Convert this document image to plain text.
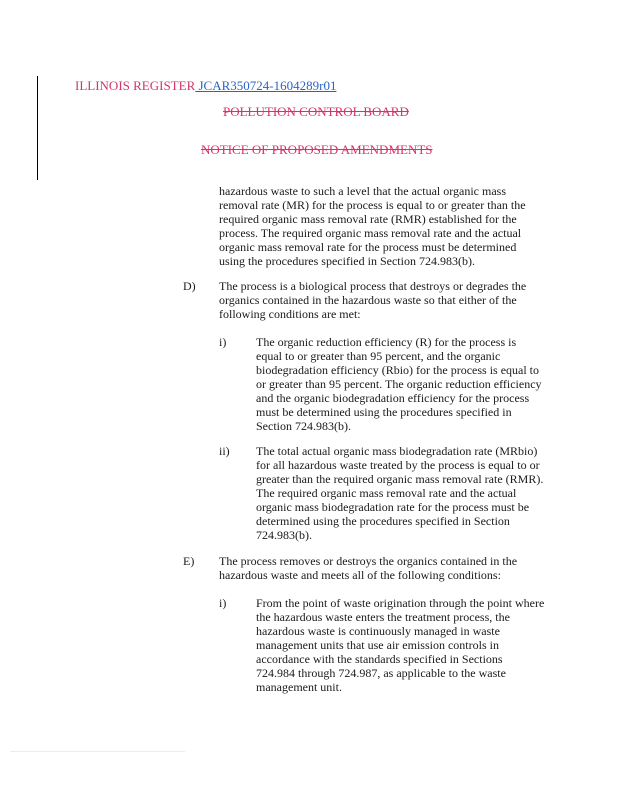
ILLINOIS REGISTER JCAR350724-1604289r01
POLLUTION CONTROL BOARD
NOTICE OF PROPOSED AMENDMENTS
hazardous waste to such a level that the actual organic mass
removal rate (MR) for the process is equal to or greater than the
required organic mass removal rate (RMR) established for the
process. The required organic mass removal rate and the actual
organic mass removal rate for the process must be determined
using the procedures specified in Section 724.983(b).
D) The process is a biological process that destroys or degrades the
organics contained in the hazardous waste so that either of the
following conditions are met:
i) The organic reduction efficiency (R) for the process is
equal to or greater than 95 percent, and the organic
biodegradation efficiency (Rbio) for the process is equal to
or greater than 95 percent. The organic reduction efficiency
and the organic biodegradation efficiency for the process
must be determined using the procedures specified in
Section 724.983(b).
ii) The total actual organic mass biodegradation rate (MRbio)
for all hazardous waste treated by the process is equal to or
greater than the required organic mass removal rate (RMR).
The required organic mass removal rate and the actual
organic mass biodegradation rate for the process must be
determined using the procedures specified in Section
724.983(b).
E) The process removes or destroys the organics contained in the
hazardous waste and meets all of the following conditions:
i) From the point of waste origination through the point where
the hazardous waste enters the treatment process, the
hazardous waste is continuously managed in waste
management units that use air emission controls in
accordance with the standards specified in Sections
724.984 through 724.987, as applicable to the waste
management unit.
